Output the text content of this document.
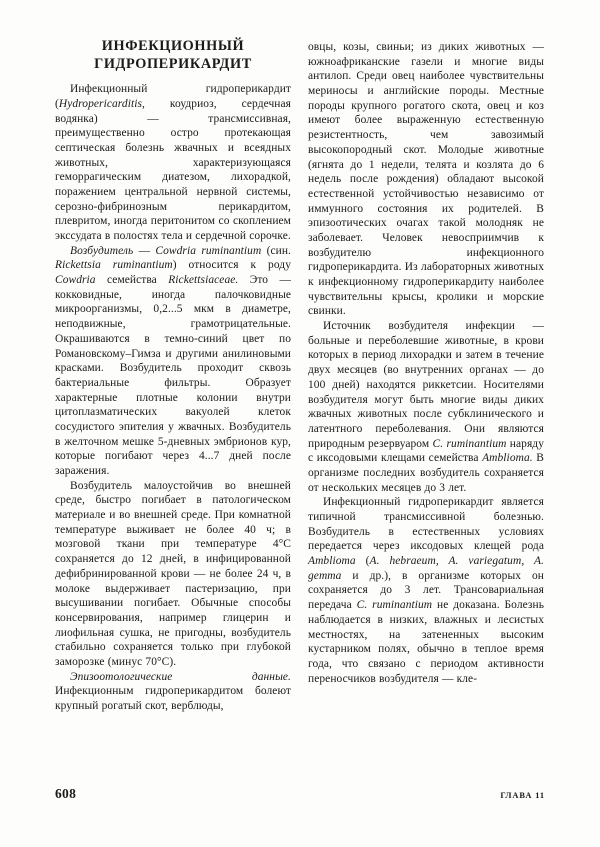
ИНФЕКЦИОННЫЙ
ГИДРОПЕРИКАРДИТ

Инфекционный гидроперикардит (Hydropericarditis, коудриоз, сердечная водянка) — трансмиссивная, преимущественно остро протекающая септическая болезнь жвачных и всеядных животных, характеризующаяся геморрагическим диатезом, лихорадкой, поражением центральной нервной системы, серозно-фибринозным перикардитом, плевритом, иногда перитонитом со скоплением экссудата в полостях тела и сердечной сорочке.

Возбудитель — Cowdria ruminantium (син. Rickettsia ruminantium) относится к роду Cowdria семейства Rickettsiaceae. Это — кокковидные, иногда палочковидные микроорганизмы, 0,2...5 мкм в диаметре, неподвижные, грамотрицательные. Окрашиваются в темно-синий цвет по Романовскому–Гимза и другими анилиновыми красками. Возбудитель проходит сквозь бактериальные фильтры. Образует характерные плотные колонии внутри цитоплазматических вакуолей клеток сосудистого эпителия у жвачных. Возбудитель в желточном мешке 5-дневных эмбрионов кур, которые погибают через 4...7 дней после заражения.

Возбудитель малоустойчив во внешней среде, быстро погибает в патологическом материале и во внешней среде. При комнатной температуре выживает не более 40 ч; в мозговой ткани при температуре 4°С сохраняется до 12 дней, в инфицированной дефибринированной крови — не более 24 ч, в молоке выдерживает пастеризацию, при высушивании погибает. Обычные способы консервирования, например глицерин и лиофильная сушка, не пригодны, возбудитель стабильно сохраняется только при глубокой заморозке (минус 70°С).

Эпизоотологические данные. Инфекционным гидроперикардитом болеют крупный рогатый скот, верблюды,

овцы, козы, свиньи; из диких животных — южноафриканские газели и многие виды антилоп. Среди овец наиболее чувствительны мериносы и английские породы. Местные породы крупного рогатого скота, овец и коз имеют более выраженную естественную резистентность, чем завозимый высокопородный скот. Молодые животные (ягнята до 1 недели, телята и козлята до 6 недель после рождения) обладают высокой естественной устойчивостью независимо от иммунного состояния их родителей. В эпизоотических очагах такой молодняк не заболевает. Человек невосприимчив к возбудителю инфекционного гидроперикардита. Из лабораторных животных к инфекционному гидроперикардиту наиболее чувствительны крысы, кролики и морские свинки.

Источник возбудителя инфекции — больные и переболевшие животные, в крови которых в период лихорадки и затем в течение двух месяцев (во внутренних органах — до 100 дней) находятся риккетсии. Носителями возбудителя могут быть многие виды диких жвачных животных после субклинического и латентного переболевания. Они являются природным резервуаром C. ruminantium наряду с иксодовыми клещами семейства Amblioma. В организме последних возбудитель сохраняется от нескольких месяцев до 3 лет.

Инфекционный гидроперикардит является типичной трансмиссивной болезнью. Возбудитель в естественных условиях передается через иксодовых клещей рода Amblioma (A. hebraeum, A. variegatum, A. gemma и др.), в организме которых он сохраняется до 3 лет. Трансовариальная передача C. ruminantium не доказана. Болезнь наблюдается в низких, влажных и лесистых местностях, на затененных высоким кустарником полях, обычно в теплое время года, что связано с периодом активности переносчиков возбудителя — кле-

608	ГЛАВА 11
